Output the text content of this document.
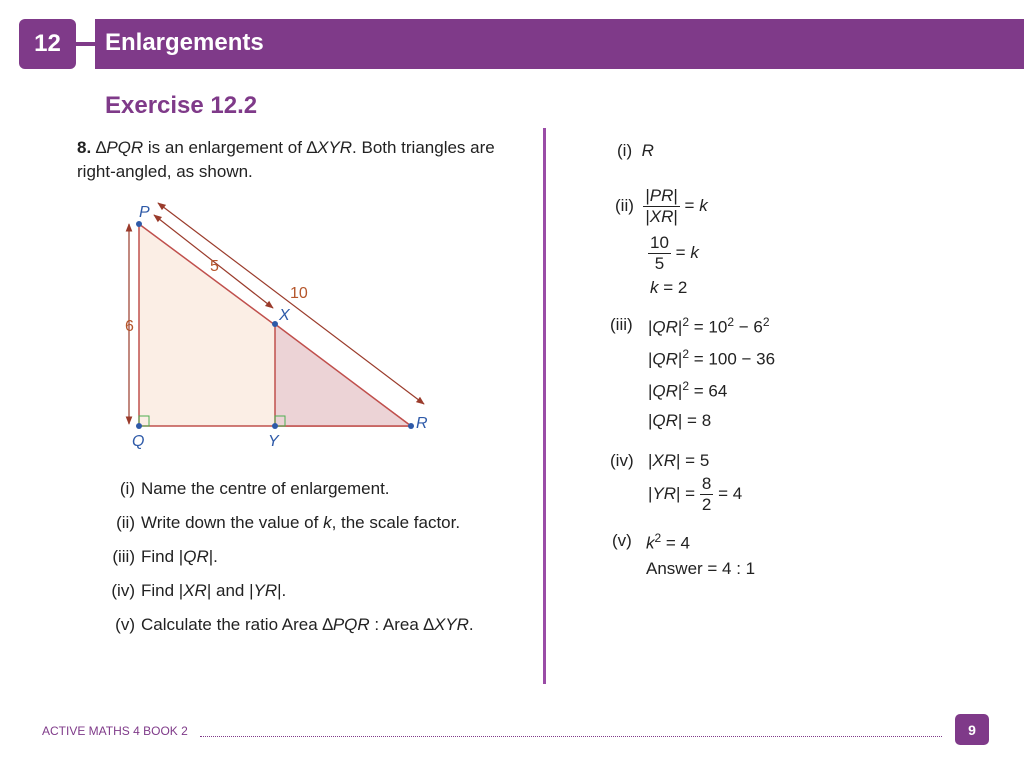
12	Enlargements
Exercise 12.2
8. ∆PQR is an enlargement of ∆XYR. Both triangles are right-angled, as shown.
P
Q
X
Y
R
5
10
6
(i) Name the centre of enlargement.
(ii) Write down the value of k, the scale factor.
(iii) Find |QR|.
(iv) Find |XR| and |YR|.
(v) Calculate the ratio Area ∆PQR : Area ∆XYR.
(i) R
$(ii) \frac{|PR|}{|XR|} = k$
$\frac{10}{5} = k$
k = 2
(iii) $|QR|^2 = 10^2 - 6^2$
$|QR|^2 = 100 - 36$
$|QR|^2 = 64$
|QR| = 8
(iv) |XR| = 5
$|YR| = \frac{8}{2} = 4$
(v) $k^2 = 4$
Answer = 4 : 1
ACTIVE MATHS 4 BOOK 2	9
